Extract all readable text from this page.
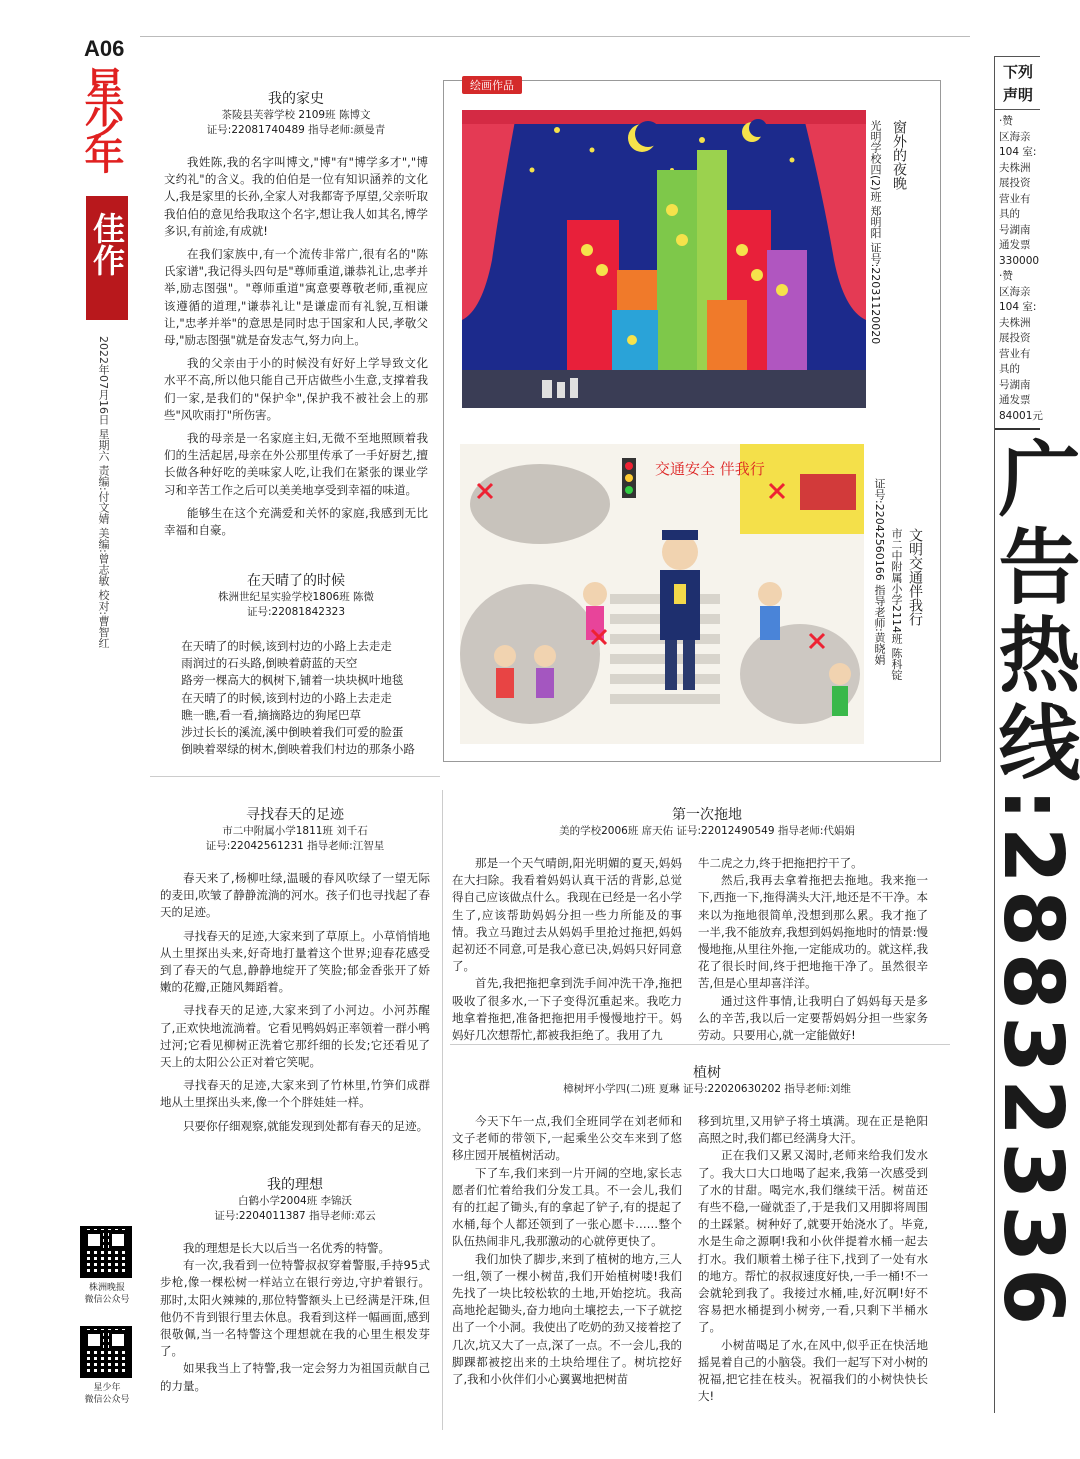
A06
星少年
佳作
2022年07月16日 星期六 责编:付文婧 美编:曾志敏 校对:曹智红
株洲晚报
微信公众号
星少年
微信公众号
我的家史
茶陵县芙蓉学校 2109班 陈博文
证号:22081740489 指导老师:颜曼青

我姓陈,我的名字叫博文,"博"有"博学多才","博文约礼"的含义。我的伯伯是一位有知识涵养的文化人,我是家里的长孙,全家人对我都寄予厚望,父亲听取我伯伯的意见给我取这个名字,想让我人如其名,博学多识,有前途,有成就!

在我们家族中,有一个流传非常广,很有名的"陈氏家谱",我记得头四句是"尊师重道,谦恭礼让,忠孝并举,励志图强"。"尊师重道"寓意要尊敬老师,重视应该遵循的道理,"谦恭礼让"是谦虚而有礼貌,互相谦让,"忠孝并举"的意思是同时忠于国家和人民,孝敬父母,"励志图强"就是奋发志气,努力向上。

我的父亲由于小的时候没有好好上学导致文化水平不高,所以他只能自己开店做些小生意,支撑着我们一家,是我们的"保护伞",保护我不被社会上的那些"风吹雨打"所伤害。

我的母亲是一名家庭主妇,无微不至地照顾着我们的生活起居,母亲在外公那里传承了一手好厨艺,擅长做各种好吃的美味家人吃,让我们在紧张的课业学习和辛苦工作之后可以美美地享受到幸福的味道。

能够生在这个充满爱和关怀的家庭,我感到无比幸福和自豪。

在天晴了的时候
株洲世纪星实验学校1806班 陈微
证号:22081842323

在天晴了的时候,该到村边的小路上去走走

雨润过的石头路,倒映着蔚蓝的天空

路旁一棵高大的枫树下,铺着一块块枫叶地毯

在天晴了的时候,该到村边的小路上去走走

瞧一瞧,看一看,摘摘路边的狗尾巴草

涉过长长的溪流,溪中倒映着我们可爱的脸蛋

倒映着翠绿的树木,倒映着我们村边的那条小路

绘画作品
窗外的夜晚
光明学校四(2)班 郑明阳 证号:22031120020
交通安全 伴我行
文明交通伴我行
市二中附属小学2114班 陈科锭
证号:22042560166 指导老师:黄晓娟
寻找春天的足迹
市二中附属小学1811班 刘千石
证号:22042561231 指导老师:江智星

春天来了,杨柳吐绿,温暖的春风吹绿了一望无际的麦田,吹皱了静静流淌的河水。孩子们也寻找起了春天的足迹。

寻找春天的足迹,大家来到了草原上。小草悄悄地从土里探出头来,好奇地打量着这个世界;迎春花感受到了春天的气息,静静地绽开了笑脸;郁金香张开了娇嫩的花瓣,正随风舞蹈着。

寻找春天的足迹,大家来到了小河边。小河苏醒了,正欢快地流淌着。它看见鸭妈妈正率领着一群小鸭过河;它看见柳树正洗着它那纤细的长发;它还看见了天上的太阳公公正对着它笑呢。

寻找春天的足迹,大家来到了竹林里,竹笋们成群地从土里探出头来,像一个个胖娃娃一样。

只要你仔细观察,就能发现到处都有春天的足迹。

我的理想
白鹤小学2004班 李锦沃
证号:2204011387 指导老师:邓云

我的理想是长大以后当一名优秀的特警。

有一次,我看到一位特警叔叔穿着警服,手持95式步枪,像一棵松树一样站立在银行旁边,守护着银行。那时,太阳火辣辣的,那位特警额头上已经满是汗珠,但他仍不肯到银行里去休息。我看到这样一幅画面,感到很敬佩,当一名特警这个理想就在我的心里生根发芽了。

如果我当上了特警,我一定会努力为祖国贡献自己的力量。

第一次拖地
美的学校2006班 席天佑 证号:22012490549 指导老师:代娟娟

那是一个天气晴朗,阳光明媚的夏天,妈妈在大扫除。我看着妈妈认真干活的背影,总觉得自己应该做点什么。我现在已经是一名小学生了,应该帮助妈妈分担一些力所能及的事情。我立马跑过去从妈妈手里抢过拖把,妈妈起初还不同意,可是我心意已决,妈妈只好同意了。

首先,我把拖把拿到洗手间冲洗干净,拖把吸收了很多水,一下子变得沉重起来。我吃力地拿着拖把,准备把拖把用手慢慢地拧干。妈妈好几次想帮忙,都被我拒绝了。我用了九

牛二虎之力,终于把拖把拧干了。

然后,我再去拿着拖把去拖地。我来拖一下,西拖一下,拖得满头大汗,地还是不干净。本来以为拖地很简单,没想到那么累。我才拖了一半,我不能放弃,我想到妈妈拖地时的情景:慢慢地拖,从里往外拖,一定能成功的。就这样,我花了很长时间,终于把地拖干净了。虽然很辛苦,但是心里却喜洋洋。

通过这件事情,让我明白了妈妈每天是多么的辛苦,我以后一定要帮妈妈分担一些家务劳动。只要用心,就一定能做好!

植树
樟树坪小学四(二)班 夏琳 证号:22020630202 指导老师:刘维

今天下午一点,我们全班同学在刘老师和文子老师的带领下,一起乘坐公交车来到了悠移庄园开展植树活动。

下了车,我们来到一片开阔的空地,家长志愿者们忙着给我们分发工具。不一会儿,我们有的扛起了锄头,有的拿起了铲子,有的提起了水桶,每个人都还领到了一张心愿卡……整个队伍热闹非凡,我那激动的心就停更快了。

我们加快了脚步,来到了植树的地方,三人一组,领了一棵小树苗,我们开始植树喽!我们先找了一块比较松软的土地,开始挖坑。我高高地抡起锄头,奋力地向土壤挖去,一下子就挖出了一个小洞。我使出了吃奶的劲又接着挖了几次,坑又大了一点,深了一点。不一会儿,我的脚踝都被挖出来的土块给埋住了。树坑挖好了,我和小伙伴们小心翼翼地把树苗

移到坑里,又用铲子将土填满。现在正是艳阳高照之时,我们都已经满身大汗。

正在我们又累又渴时,老师来给我们发水了。我大口大口地喝了起来,我第一次感受到了水的甘甜。喝完水,我们继续干活。树苗还有些不稳,一碰就歪了,于是我们又用脚将周围的土踩紧。树种好了,就要开始浇水了。毕竟,水是生命之源啊!我和小伙伴提着水桶一起去打水。我们顺着土梯子往下,找到了一处有水的地方。帮忙的叔叔速度好快,一手一桶!不一会就轮到我了。我接过水桶,哇,好沉啊!好不容易把水桶提到小树旁,一看,只剩下半桶水了。

小树苗喝足了水,在风中,似乎正在快活地摇晃着自己的小脑袋。我们一起写下对小树的祝福,把它挂在枝头。祝福我们的小树快快长大!

下列
声明
·赞
区海亲
104 室:
夫株洲
展投资
营业有
具的
号湖南
通发票
330000
·赞
区海亲
104 室:
夫株洲
展投资
营业有
具的
号湖南
通发票
84001元
广告热线:28832336
